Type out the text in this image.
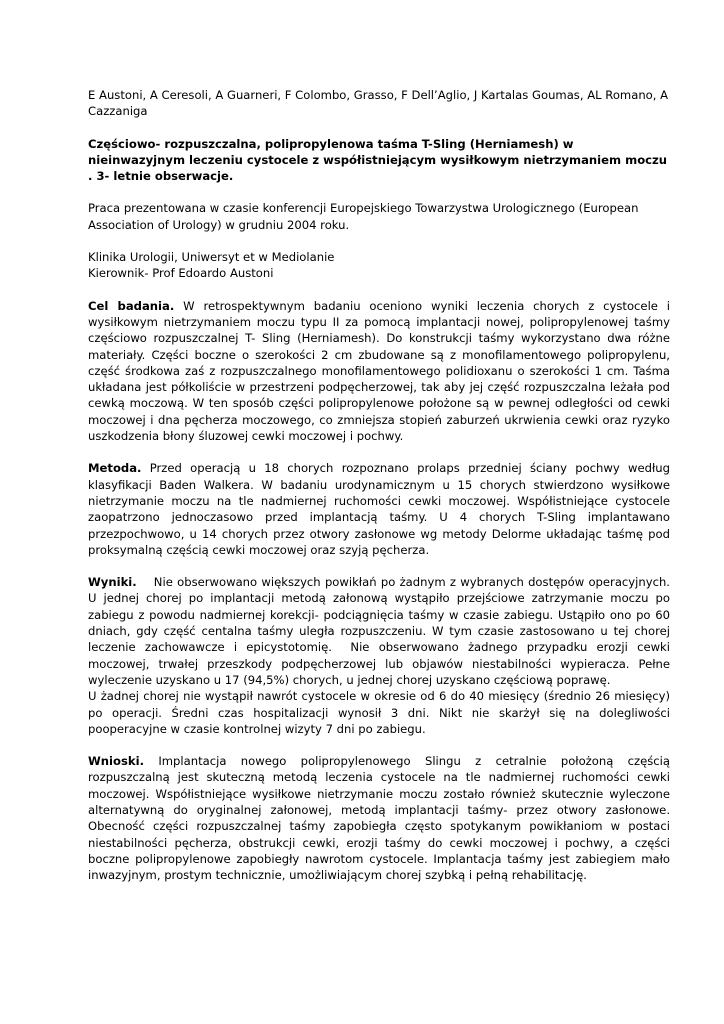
E Austoni, A Ceresoli, A Guarneri, F Colombo, Grasso, F Dell’Aglio, J Kartalas Goumas, AL Romano, A Cazzaniga

Częściowo- rozpuszczalna, polipropylenowa taśma T-Sling (Herniamesh) w nieinwazyjnym leczeniu cystocele z współistniejącym wysiłkowym nietrzymaniem moczu . 3- letnie obserwacje.

Praca prezentowana w czasie konferencji Europejskiego Towarzystwa Urologicznego (European Association of Urology) w grudniu 2004 roku.

Klinika Urologii, Uniwersyt et w Mediolanie
Kierownik- Prof Edoardo Austoni

Cel badania. W retrospektywnym badaniu oceniono wyniki leczenia chorych z cystocele i wysiłkowym nietrzymaniem moczu typu II za pomocą implantacji nowej, polipropylenowej taśmy częściowo rozpuszczalnej T- Sling (Herniamesh). Do konstrukcji taśmy wykorzystano dwa różne materiały. Części boczne o szerokości 2 cm zbudowane są z monofilamentowego polipropylenu, część środkowa zaś z rozpuszczalnego monofilamentowego polidioxanu o szerokości 1 cm. Taśma układana jest półkoliście w przestrzeni podpęcherzowej, tak aby jej część rozpuszczalna leżała pod cewką moczową. W ten sposób części polipropylenowe położone są w pewnej odległości od cewki moczowej i dna pęcherza moczowego, co zmniejsza stopień zaburzeń ukrwienia cewki oraz ryzyko uszkodzenia błony śluzowej cewki moczowej i pochwy.

Metoda. Przed operacją u 18 chorych rozpoznano prolaps przedniej ściany pochwy według klasyfikacji Baden Walkera. W badaniu urodynamicznym u 15 chorych stwierdzono wysiłkowe nietrzymanie moczu na tle nadmiernej ruchomości cewki moczowej. Współistniejące cystocele zaopatrzono jednoczasowo przed implantacją taśmy. U 4 chorych T-Sling implantawano przezpochwowo, u 14 chorych przez otwory zasłonowe wg metody Delorme układając taśmę pod proksymalną częścią cewki moczowej oraz szyją pęcherza.

Wyniki.    Nie obserwowano większych powikłań po żadnym z wybranych dostępów operacyjnych. U jednej chorej po implantacji metodą załonową wystąpiło przejściowe zatrzymanie moczu po zabiegu z powodu nadmiernej korekcji- podciągnięcia taśmy w czasie zabiegu. Ustąpiło ono po 60 dniach, gdy część centalna taśmy uległa rozpuszczeniu. W tym czasie zastosowano u tej chorej leczenie zachowawcze i epicystotomię.  Nie obserwowano żadnego przypadku erozji cewki moczowej, trwałej przeszkody podpęcherzowej lub objawów niestabilności wypieracza. Pełne wyleczenie uzyskano u 17 (94,5%) chorych, u jednej chorej uzyskano częściową poprawę.

U żadnej chorej nie wystąpił nawrót cystocele w okresie od 6 do 40 miesięcy (średnio 26 miesięcy) po operacji. Średni czas hospitalizacji wynosił 3 dni. Nikt nie skarżył się na dolegliwości pooperacyjne w czasie kontrolnej wizyty 7 dni po zabiegu.

Wnioski. Implantacja nowego polipropylenowego Slingu z cetralnie położoną częścią rozpuszczalną jest skuteczną metodą leczenia cystocele na tle nadmiernej ruchomości cewki moczowej. Współistniejące wysiłkowe nietrzymanie moczu zostało również skutecznie wyleczone alternatywną do oryginalnej załonowej, metodą implantacji taśmy- przez otwory zasłonowe. Obecność części rozpuszczalnej taśmy zapobiegła często spotykanym powikłaniom w postaci niestabilności pęcherza, obstrukcji cewki, erozji taśmy do cewki moczowej i pochwy, a części boczne polipropylenowe zapobiegły nawrotom cystocele. Implantacja taśmy jest zabiegiem mało inwazyjnym, prostym technicznie, umożliwiającym chorej szybką i pełną rehabilitację.
